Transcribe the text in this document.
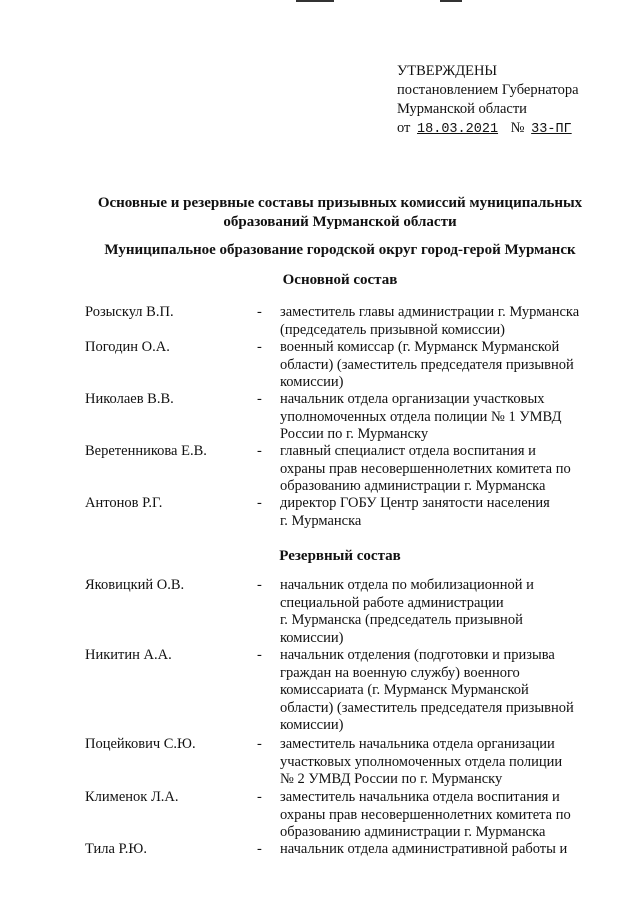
УТВЕРЖДЕНЫ
постановлением Губернатора
Мурманской области
от 18.03.2021 № 33-ПГ
Основные и резервные составы призывных комиссий муниципальных
образований Мурманской области
Муниципальное образование городской округ город-герой Мурманск
Основной состав
Розыскул В.П.	- заместитель главы администрации г. Мурманска
(председатель призывной комиссии)
Погодин О.А.	- военный комиссар (г. Мурманск Мурманской
области) (заместитель председателя призывной
комиссии)
Николаев В.В.	- начальник отдела организации участковых
уполномоченных отдела полиции № 1 УМВД
России по г. Мурманску
Веретенникова Е.В.	- главный специалист отдела воспитания и
охраны прав несовершеннолетних комитета по
образованию администрации г. Мурманска
Антонов Р.Г.	- директор ГОБУ Центр занятости населения
г. Мурманска
Резервный состав
Яковицкий О.В.	- начальник отдела по мобилизационной и
специальной работе администрации
г. Мурманска (председатель призывной
комиссии)
Никитин А.А.	- начальник отделения (подготовки и призыва
граждан на военную службу) военного
комиссариата (г. Мурманск Мурманской
области) (заместитель председателя призывной
комиссии)
Поцейкович С.Ю.	- заместитель начальника отдела организации
участковых уполномоченных отдела полиции
№ 2 УМВД России по г. Мурманску
Клименок Л.А.	- заместитель начальника отдела воспитания и
охраны прав несовершеннолетних комитета по
образованию администрации г. Мурманска
Тила Р.Ю.	- начальник отдела административной работы и
